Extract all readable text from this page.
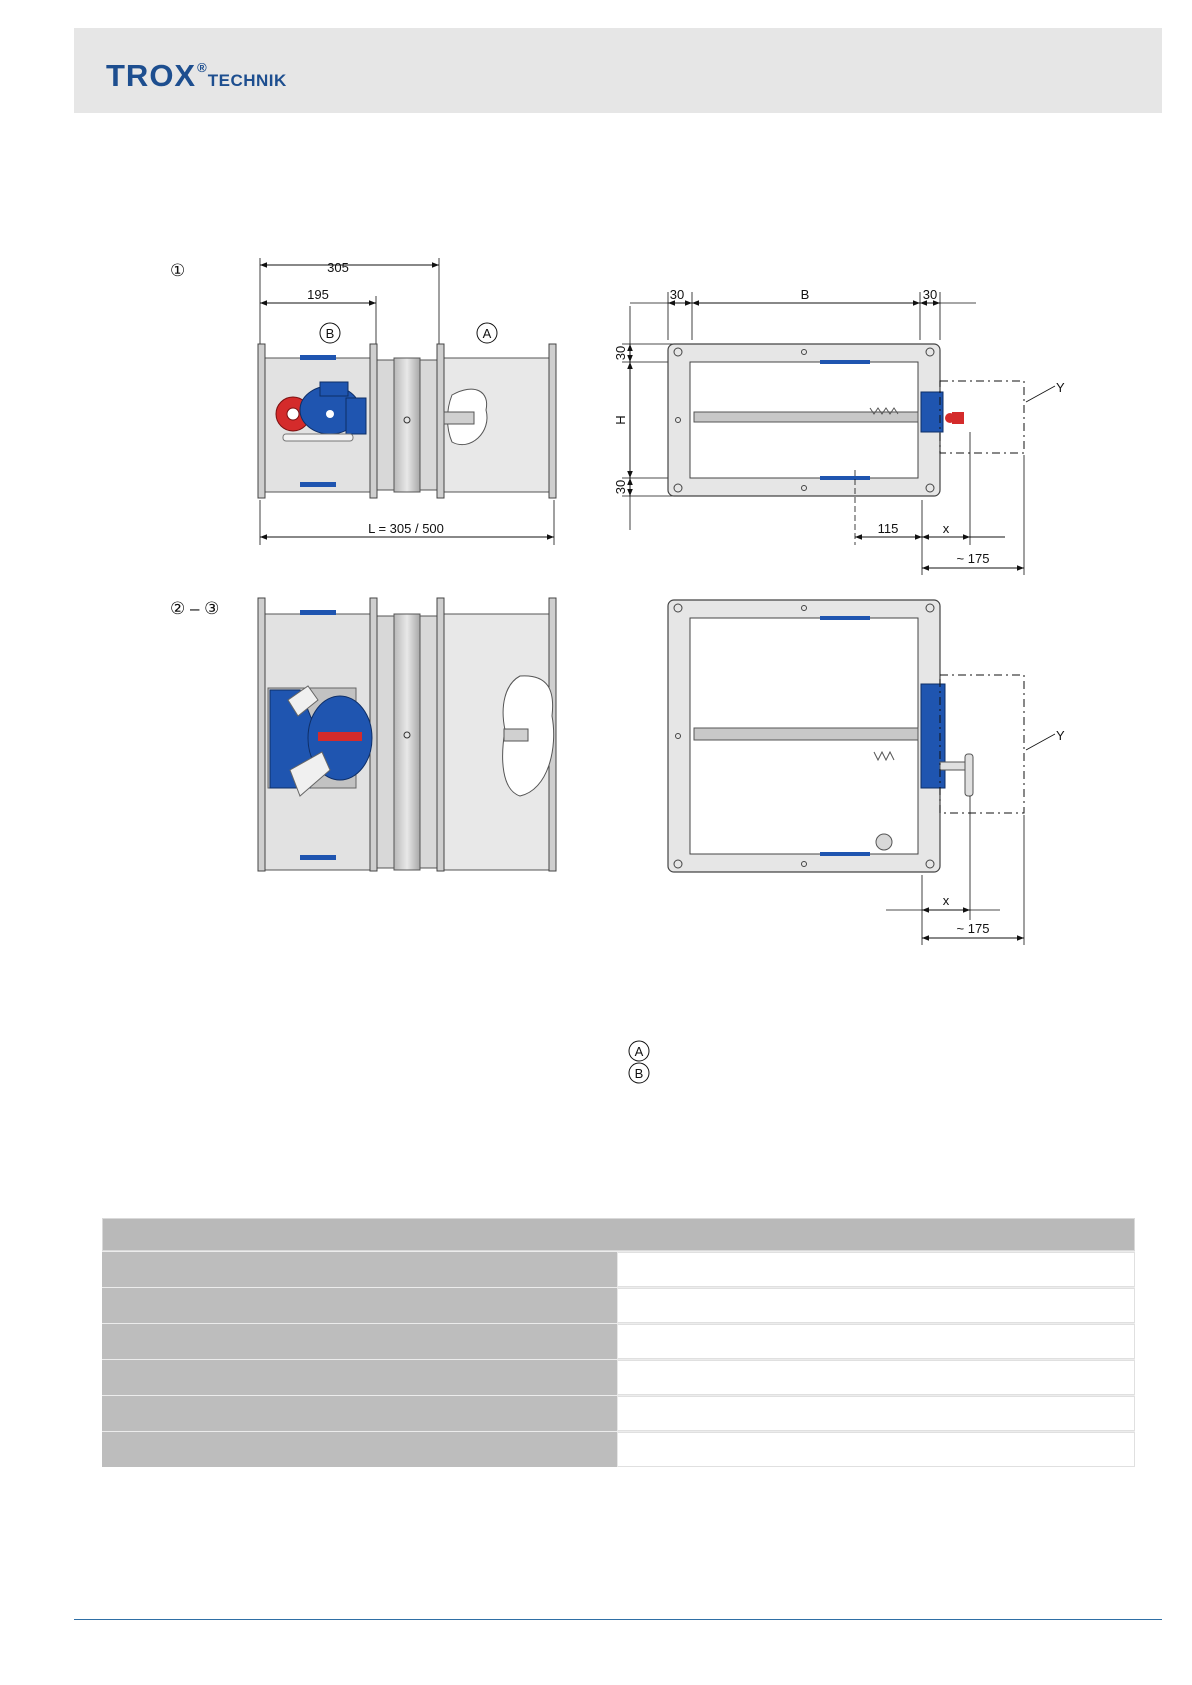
TROX®TECHNIK
①	305
195
B	A
L = 305 / 500
30	B	30
30
H
30
Y
115	x
~ 175
② – ③
Y
x
~ 175
A
B
